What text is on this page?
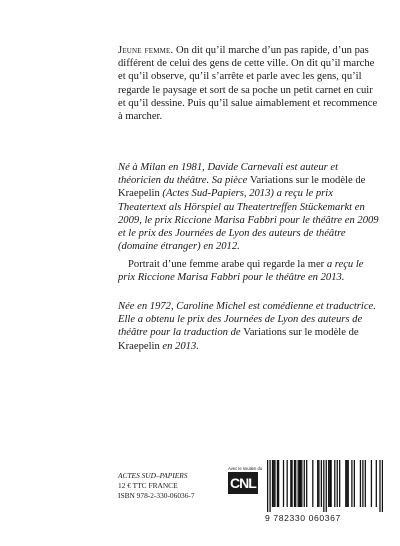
Jeune femme. On dit qu’il marche d’un pas rapide, d’un pas différent de celui des gens de cette ville. On dit qu’il marche et qu’il observe, qu’il s’arrête et parle avec les gens, qu’il regarde le paysage et sort de sa poche un petit carnet en cuir et qu’il dessine. Puis qu’il salue aimablement et recommence à marcher.

Né à Milan en 1981, Davide Carnevali est auteur et théoricien du théâtre. Sa pièce Variations sur le modèle de Kraepelin (Actes Sud-Papiers, 2013) a reçu le prix Theatertext als Hörspiel au Theatertreffen Stückemarkt en 2009, le prix Riccione Marisa Fabbri pour le théâtre en 2009 et le prix des Journées de Lyon des auteurs de théâtre (domaine étranger) en 2012.

Portrait d’une femme arabe qui regarde la mer a reçu le prix Riccione Marisa Fabbri pour le théâtre en 2013.

Née en 1972, Caroline Michel est comédienne et traductrice. Elle a obtenu le prix des Journées de Lyon des auteurs de théâtre pour la traduction de Variations sur le modèle de Kraepelin en 2013.

ACTES SUD–PAPIERS
12 € TTC FRANCE
ISBN 978-2-330-06036-7
Avec le soutien du
CNL
9 782330 060367
